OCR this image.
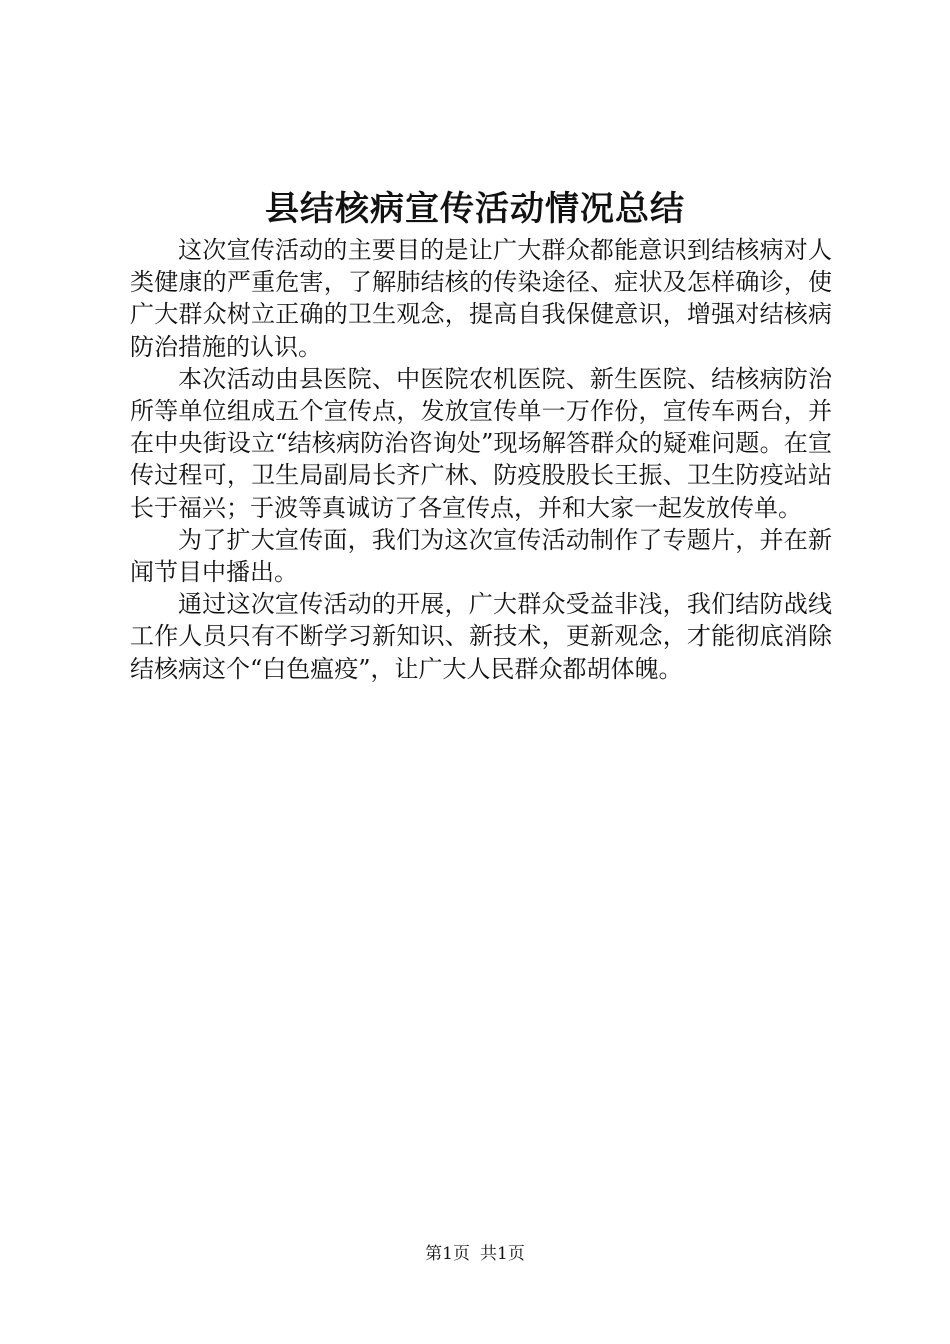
县结核病宣传活动情况总结

这次宣传活动的主要目的是让广大群众都能意识到结核病对人类健康的严重危害，了解肺结核的传染途径、症状及怎样确诊，使广大群众树立正确的卫生观念，提高自我保健意识，增强对结核病防治措施的认识。

本次活动由县医院、中医院农机医院、新生医院、结核病防治所等单位组成五个宣传点，发放宣传单一万作份，宣传车两台，并在中央街设立“结核病防治咨询处”现场解答群众的疑难问题。在宣传过程可，卫生局副局长齐广林、防疫股股长王振、卫生防疫站站长于福兴；于波等真诚访了各宣传点，并和大家一起发放传单。

为了扩大宣传面，我们为这次宣传活动制作了专题片，并在新闻节目中播出。

通过这次宣传活动的开展，广大群众受益非浅，我们结防战线工作人员只有不断学习新知识、新技术，更新观念，才能彻底消除结核病这个“白色瘟疫”，让广大人民群众都胡体魄。

第1页 共1页
